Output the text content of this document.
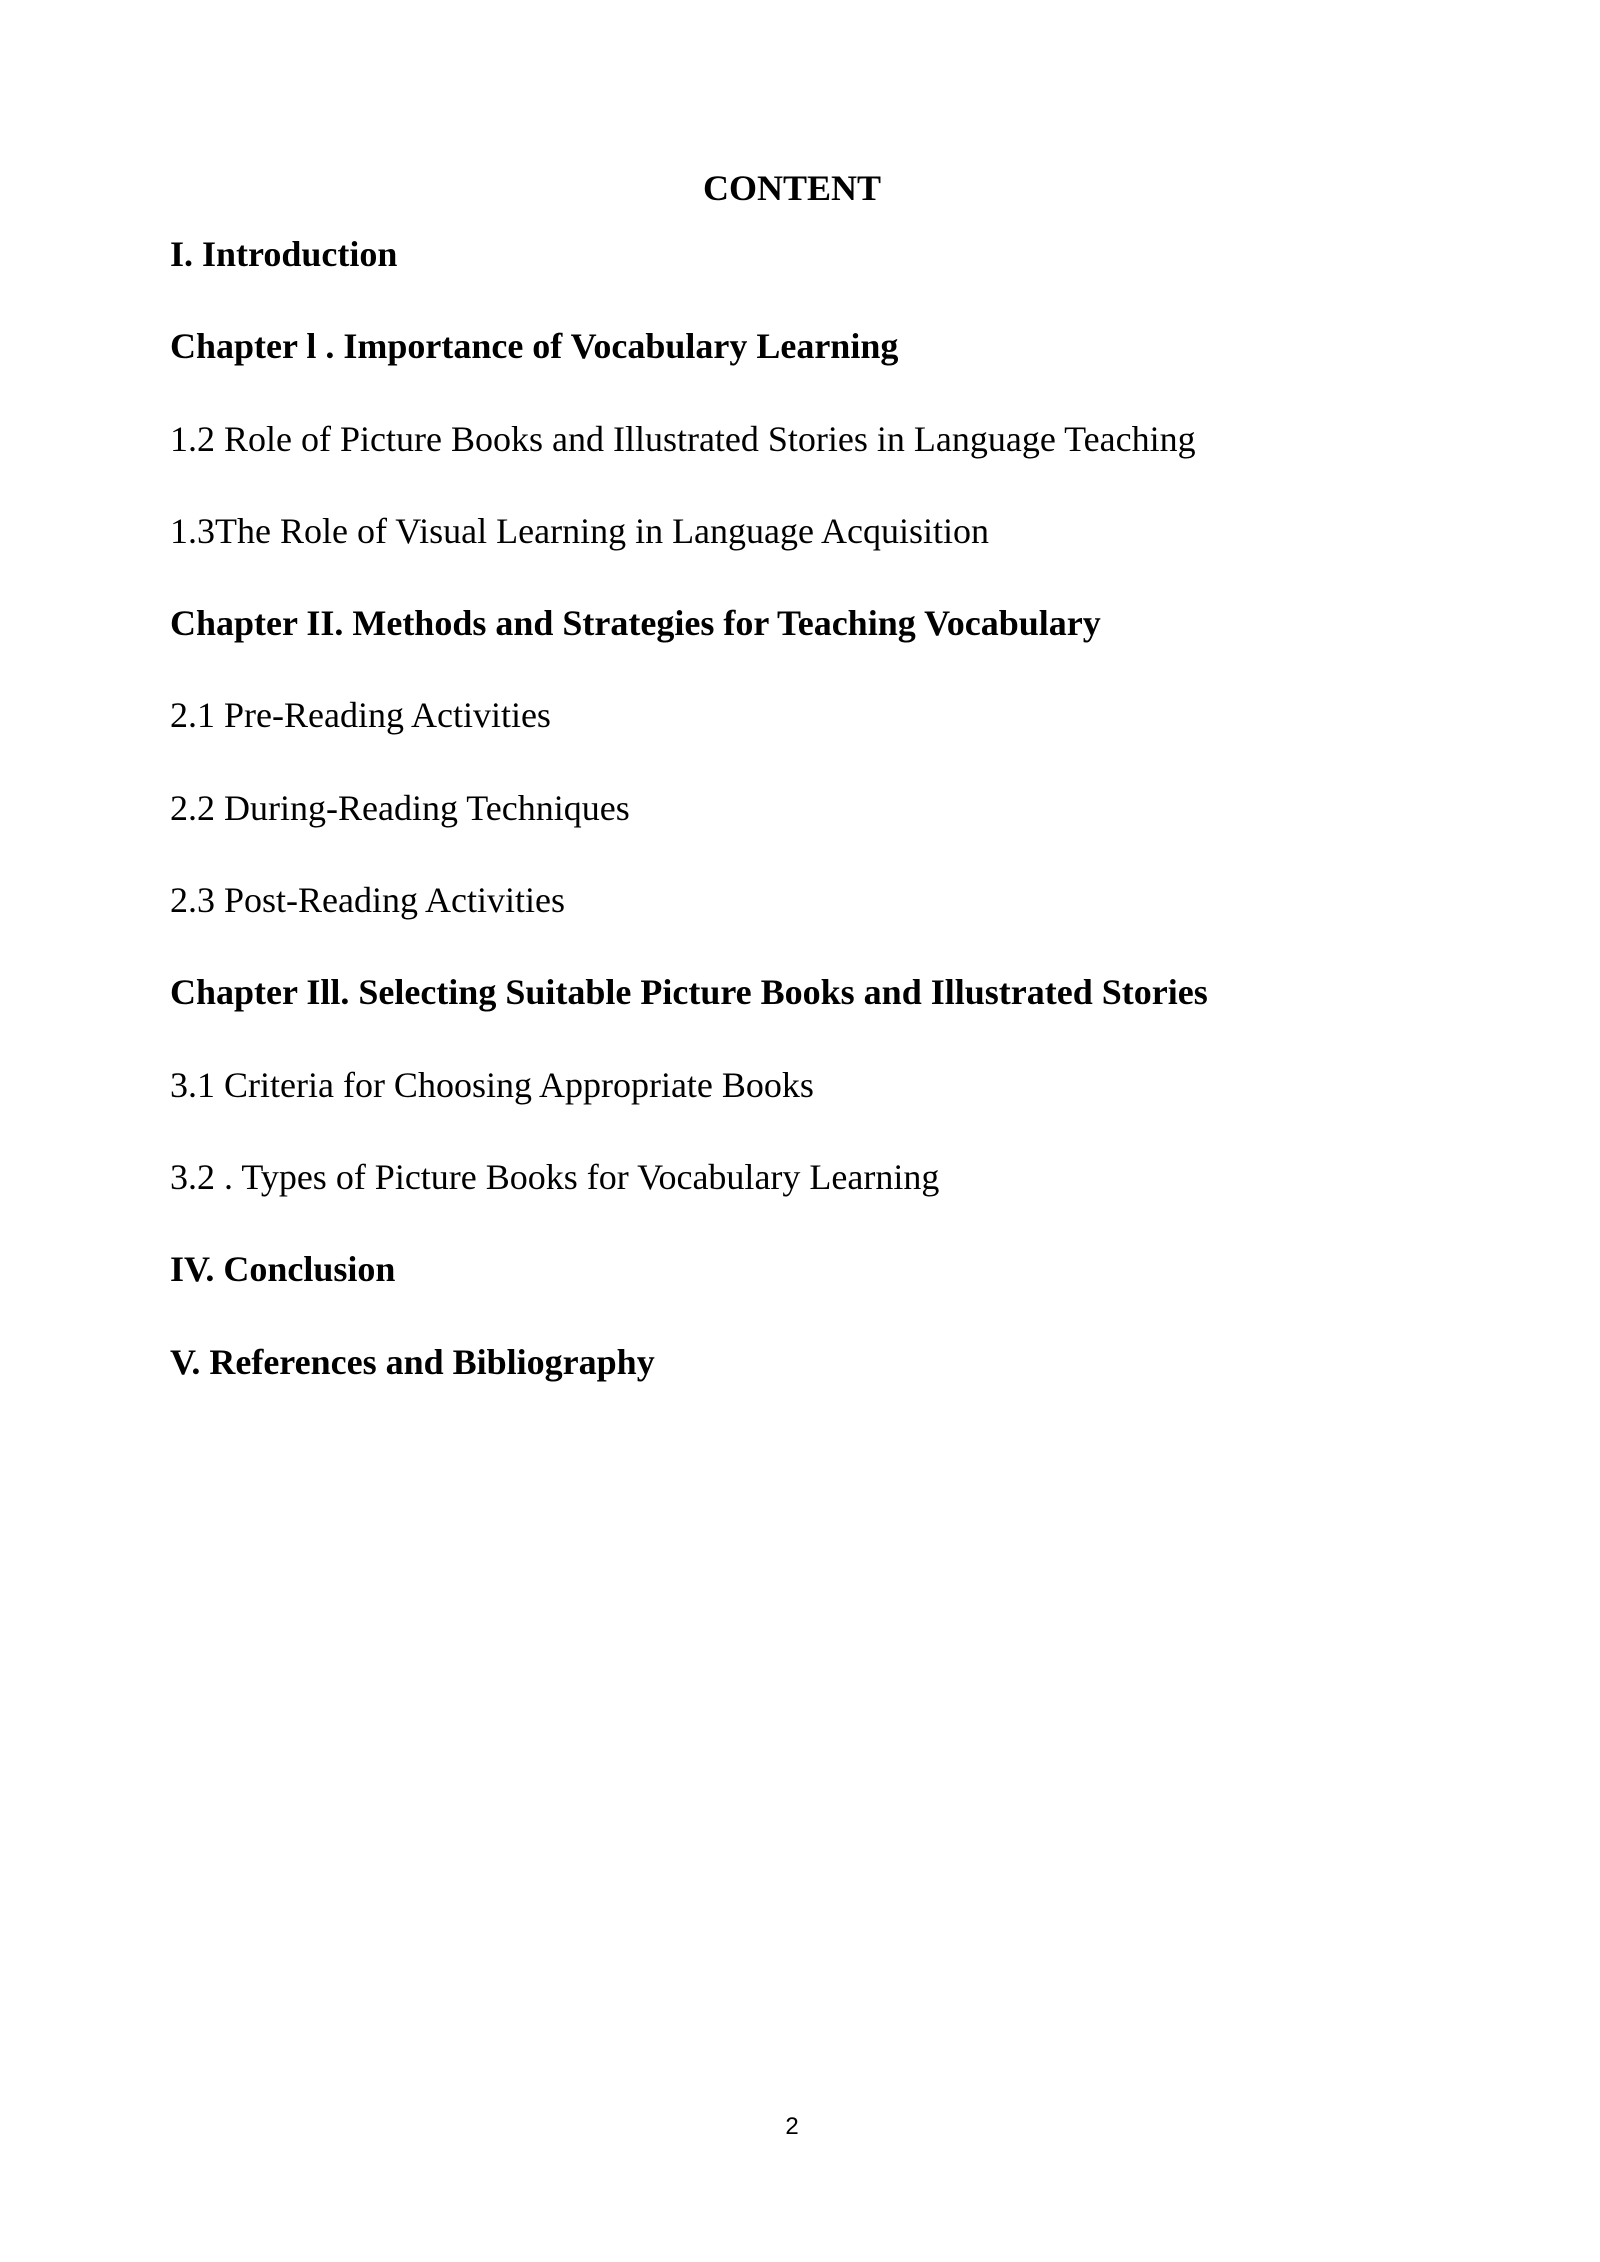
CONTENT
I. Introduction
Chapter l . Importance of Vocabulary Learning
1.2 Role of Picture Books and Illustrated Stories in Language Teaching
1.3The Role of Visual Learning in Language Acquisition
Chapter II. Methods and Strategies for Teaching Vocabulary
2.1 Pre-Reading Activities
2.2 During-Reading Techniques
2.3 Post-Reading Activities
Chapter Ill. Selecting Suitable Picture Books and Illustrated Stories
3.1 Criteria for Choosing Appropriate Books
3.2 . Types of Picture Books for Vocabulary Learning
IV. Conclusion
V. References and Bibliography
2
